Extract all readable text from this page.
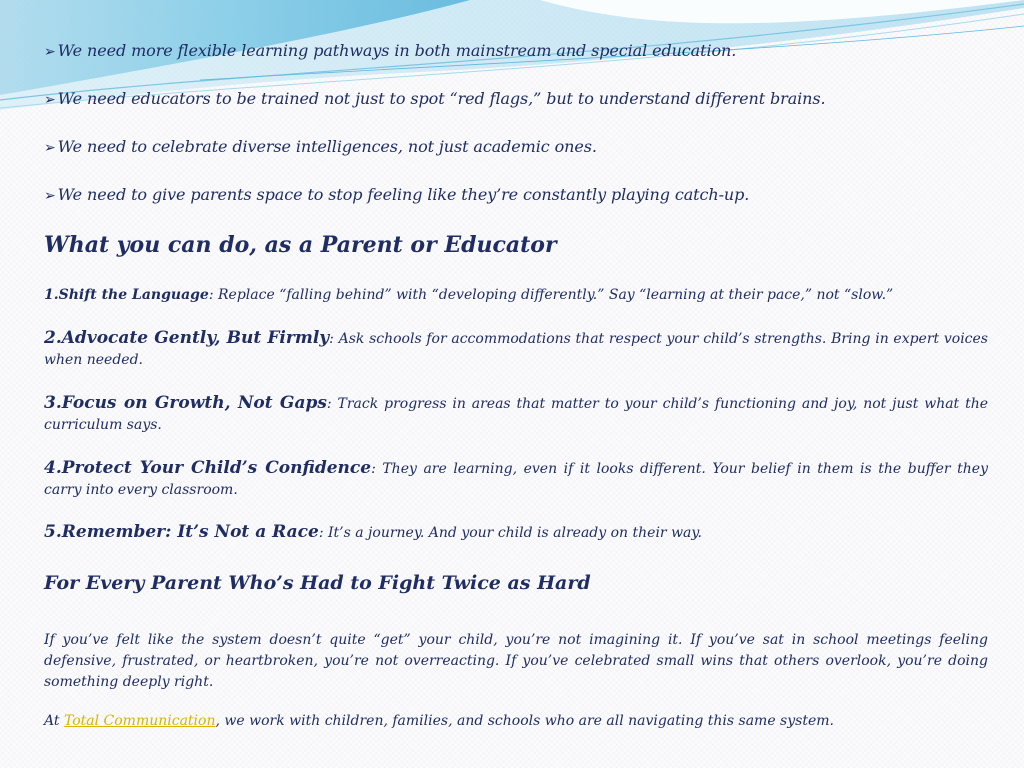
➢ We need more flexible learning pathways in both mainstream and special education.
➢ We need educators to be trained not just to spot “red flags,” but to understand different brains.
➢ We need to celebrate diverse intelligences, not just academic ones.
➢ We need to give parents space to stop feeling like they’re constantly playing catch-up.
What you can do, as a Parent or Educator
1.Shift the Language: Replace “falling behind” with “developing differently.” Say “learning at their pace,” not “slow.”
2.Advocate Gently, But Firmly: Ask schools for accommodations that respect your child’s strengths. Bring in expert voices when needed.
3.Focus on Growth, Not Gaps: Track progress in areas that matter to your child’s functioning and joy, not just what the curriculum says.
4.Protect Your Child’s Confidence: They are learning, even if it looks different. Your belief in them is the buffer they carry into every classroom.
5.Remember: It’s Not a Race: It’s a journey. And your child is already on their way.
For Every Parent Who’s Had to Fight Twice as Hard
If you’ve felt like the system doesn’t quite “get” your child, you’re not imagining it. If you’ve sat in school meetings feeling defensive, frustrated, or heartbroken, you’re not overreacting. If you’ve celebrated small wins that others overlook, you’re doing something deeply right.
At Total Communication, we work with children, families, and schools who are all navigating this same system.
